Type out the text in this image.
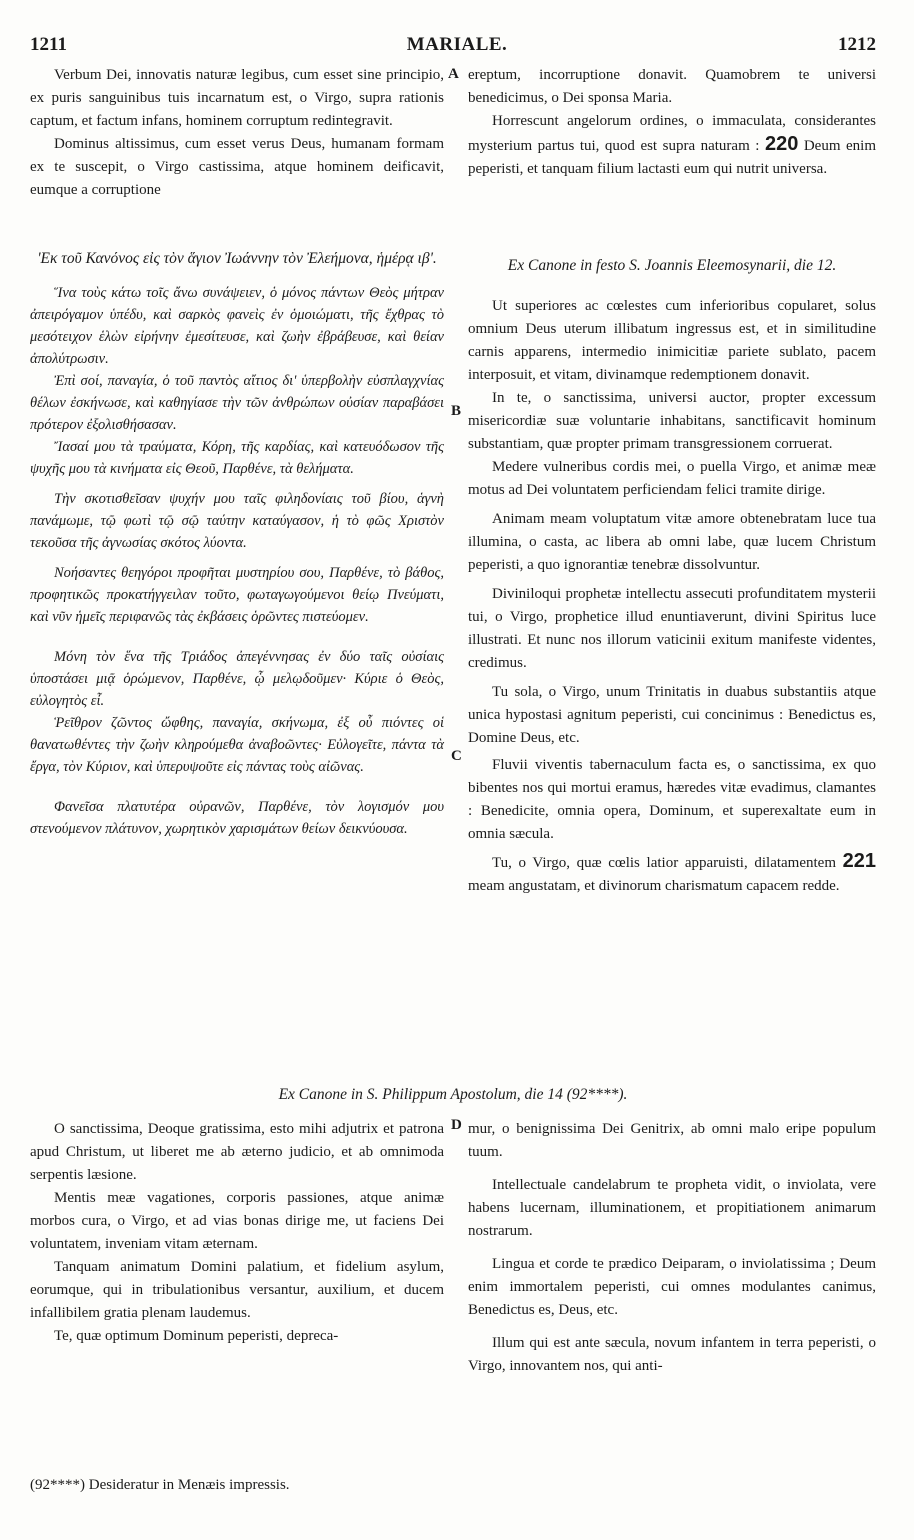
1211	MARIALE.	1212
A
B
C
D

Verbum Dei, innovatis naturæ legibus, cum esset sine principio, ex puris sanguinibus tuis incarnatum est, o Virgo, supra rationis captum, et factum infans, hominem corruptum redintegravit.

Dominus altissimus, cum esset verus Deus, humanam formam ex te suscepit, o Virgo castissima, atque hominem deificavit, eumque a corruptione

ereptum, incorruptione donavit. Quamobrem te universi benedicimus, o Dei sponsa Maria.

Horrescunt angelorum ordines, o immaculata, considerantes mysterium partus tui, quod est supra naturam : 220 Deum enim peperisti, et tanquam filium lactasti eum qui nutrit universa.

'Εκ τοῦ Κανόνος εἰς τὸν ἅγιον Ἰωάννην τὸν Ἐλεήμονα, ἡμέρᾳ ιβ'.

Ἵνα τοὺς κάτω τοῖς ἄνω συνάψειεν, ὁ μόνος πάντων Θεὸς μήτραν ἀπειρόγαμον ὑπέδυ, καὶ σαρκὸς φανεὶς ἐν ὁμοιώματι, τῆς ἔχθρας τὸ μεσότειχον ἑλὼν εἰρήνην ἐμεσίτευσε, καὶ ζωὴν ἐβράβευσε, καὶ θείαν ἀπολύτρωσιν.

Ἐπὶ σοί, παναγία, ὁ τοῦ παντὸς αἴτιος δι' ὑπερβολὴν εὐσπλαγχνίας θέλων ἐσκήνωσε, καὶ καθηγίασε τὴν τῶν ἀνθρώπων οὐσίαν παραβάσει πρότερον ἐξολισθήσασαν.

Ἴασαί μου τὰ τραύματα, Κόρη, τῆς καρδίας, καὶ κατευόδωσον τῆς ψυχῆς μου τὰ κινήματα εἰς Θεοῦ, Παρθένε, τὰ θελήματα.

Τὴν σκοτισθεῖσαν ψυχήν μου ταῖς φιληδονίαις τοῦ βίου, ἁγνὴ πανάμωμε, τῷ φωτὶ τῷ σῷ ταύτην καταύγασον, ἡ τὸ φῶς Χριστὸν τεκοῦσα τῆς ἀγνωσίας σκότος λύοντα.

Νοήσαντες θεηγόροι προφῆται μυστηρίου σου, Παρθένε, τὸ βάθος, προφητικῶς προκατήγγειλαν τοῦτο, φωταγωγούμενοι θείῳ Πνεύματι, καὶ νῦν ἡμεῖς περιφανῶς τὰς ἐκβάσεις ὁρῶντες πιστεύομεν.

Μόνη τὸν ἕνα τῆς Τριάδος ἀπεγέννησας ἐν δύο ταῖς οὐσίαις ὑποστάσει μιᾷ ὁρώμενον, Παρθένε, ᾧ μελῳδοῦμεν· Κύριε ὁ Θεὸς, εὐλογητὸς εἶ.

Ῥεῖθρον ζῶντος ὤφθης, παναγία, σκήνωμα, ἐξ οὗ πιόντες οἱ θανατωθέντες τὴν ζωὴν κληρούμεθα ἀναβοῶντες· Εὐλογεῖτε, πάντα τὰ ἔργα, τὸν Κύριον, καὶ ὑπερυψοῦτε εἰς πάντας τοὺς αἰῶνας.

Φανεῖσα πλατυτέρα οὐρανῶν, Παρθένε, τὸν λογισμόν μου στενούμενον πλάτυνον, χωρητικὸν χαρισμάτων θείων δεικνύουσα.

Ex Canone in festo S. Joannis Eleemosynarii, die 12.

Ut superiores ac cœlestes cum inferioribus copularet, solus omnium Deus uterum illibatum ingressus est, et in similitudine carnis apparens, intermedio inimicitiæ pariete sublato, pacem interposuit, et vitam, divinamque redemptionem donavit.

In te, o sanctissima, universi auctor, propter excessum misericordiæ suæ voluntarie inhabitans, sanctificavit hominum substantiam, quæ propter primam transgressionem corruerat.

Medere vulneribus cordis mei, o puella Virgo, et animæ meæ motus ad Dei voluntatem perficiendam felici tramite dirige.

Animam meam voluptatum vitæ amore obtenebratam luce tua illumina, o casta, ac libera ab omni labe, quæ lucem Christum peperisti, a quo ignorantiæ tenebræ dissolvuntur.

Diviniloqui prophetæ intellectu assecuti profunditatem mysterii tui, o Virgo, prophetice illud enuntiaverunt, divini Spiritus luce illustrati. Et nunc nos illorum vaticinii exitum manifeste videntes, credimus.

Tu sola, o Virgo, unum Trinitatis in duabus substantiis atque unica hypostasi agnitum peperisti, cui concinimus : Benedictus es, Domine Deus, etc.

Fluvii viventis tabernaculum facta es, o sanctissima, ex quo bibentes nos qui mortui eramus, hæredes vitæ evadimus, clamantes : Benedicite, omnia opera, Dominum, et superexaltate eum in omnia sæcula.

Tu, o Virgo, quæ cœlis latior apparuisti, dilatamentem 221 meam angustatam, et divinorum charismatum capacem redde.

Ex Canone in S. Philippum Apostolum, die 14 (92****).

O sanctissima, Deoque gratissima, esto mihi adjutrix et patrona apud Christum, ut liberet me ab æterno judicio, et ab omnimoda serpentis læsione.

Mentis meæ vagationes, corporis passiones, atque animæ morbos cura, o Virgo, et ad vias bonas dirige me, ut faciens Dei voluntatem, inveniam vitam æternam.

Tanquam animatum Domini palatium, et fidelium asylum, eorumque, qui in tribulationibus versantur, auxilium, et ducem infallibilem gratia plenam laudemus.

Te, quæ optimum Dominum peperisti, depreca-

mur, o benignissima Dei Genitrix, ab omni malo eripe populum tuum.

Intellectuale candelabrum te propheta vidit, o inviolata, vere habens lucernam, illuminationem, et propitiationem animarum nostrarum.

Lingua et corde te prædico Deiparam, o inviolatissima ; Deum enim immortalem peperisti, cui omnes modulantes canimus, Benedictus es, Deus, etc.

Illum qui est ante sæcula, novum infantem in terra peperisti, o Virgo, innovantem nos, qui anti-

(92****) Desideratur in Menæis impressis.
